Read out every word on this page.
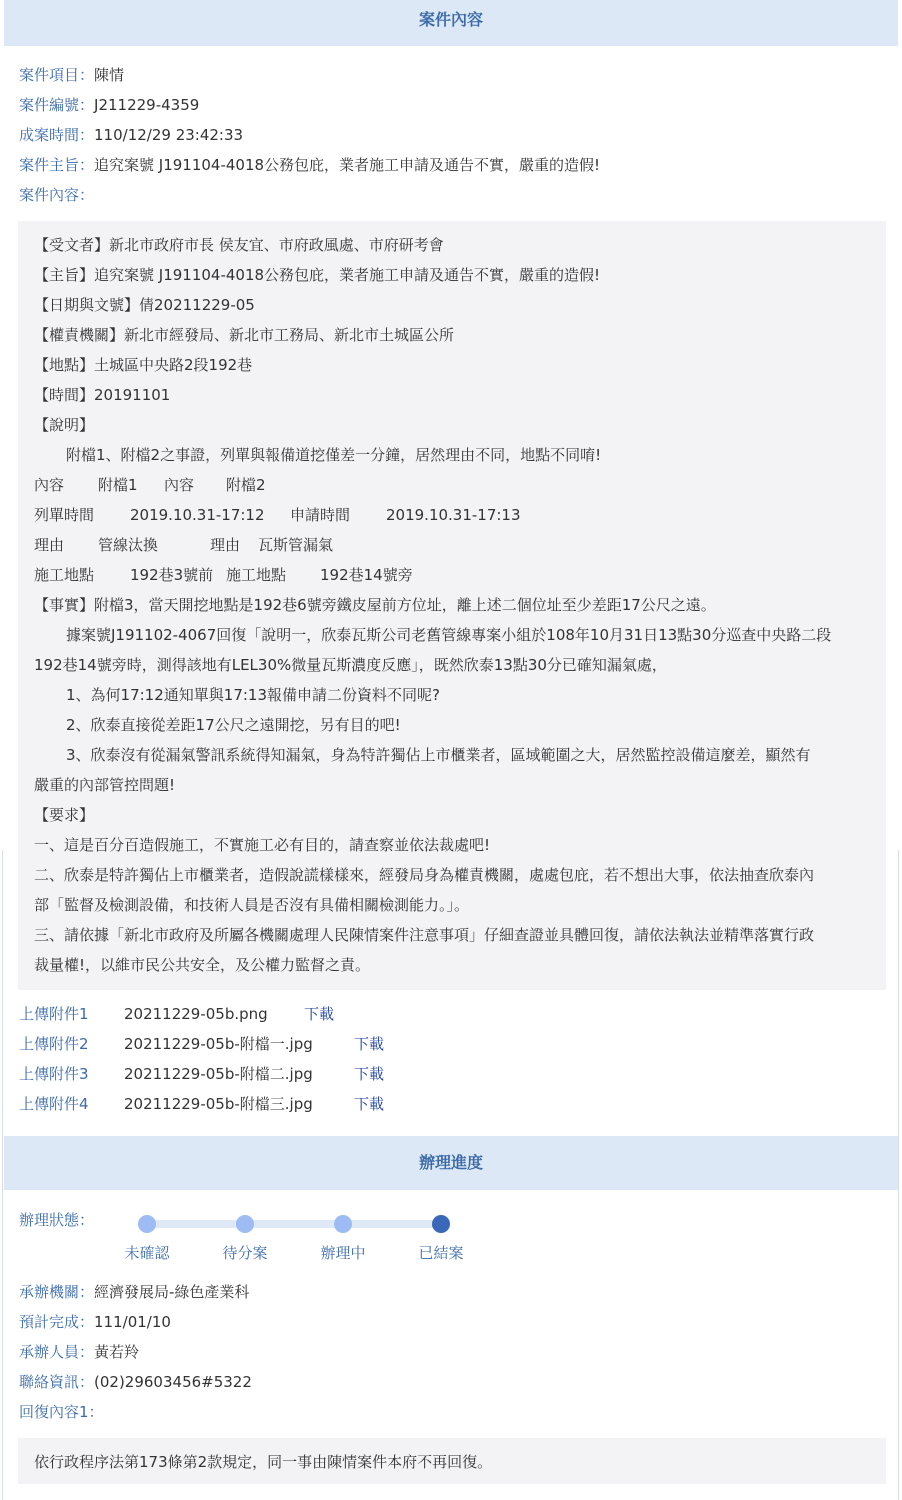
案件內容
案件項目：陳情
案件編號：J211229-4359
成案時間：110/12/29 23:42:33
案件主旨：追究案號 J191104-4018公務包庇，業者施工申請及通告不實，嚴重的造假!
案件內容：
【受文者】新北市政府市長 侯友宜、市府政風處、市府研考會
【主旨】追究案號 J191104-4018公務包庇，業者施工申請及通告不實，嚴重的造假!
【日期與文號】倩20211229-05
【權責機關】新北市經發局、新北市工務局、新北市土城區公所
【地點】土城區中央路2段192巷
【時間】20191101
【說明】
附檔1、附檔2之事證，列單與報備道挖僅差一分鐘，居然理由不同，地點不同唷!
內容 附檔1 內容 附檔2
列單時間 2019.10.31-17:12 申請時間 2019.10.31-17:13
理由 管線汰換	理由 瓦斯管漏氣
施工地點 192巷3號前 施工地點 192巷14號旁
【事實】附檔3，當天開挖地點是192巷6號旁鐵皮屋前方位址，離上述二個位址至少差距17公尺之遠。
據案號J191102-4067回復「說明一，欣泰瓦斯公司老舊管線專案小組於108年10月31日13點30分巡查中央路二段
192巷14號旁時，測得該地有LEL30%微量瓦斯濃度反應」，既然欣泰13點30分已確知漏氣處，
1、為何17:12通知單與17:13報備申請二份資料不同呢?
2、欣泰直接從差距17公尺之遠開挖，另有目的吧!
3、欣泰沒有從漏氣警訊系統得知漏氣，身為特許獨佔上市櫃業者，區域範圍之大，居然監控設備這麼差，顯然有
嚴重的內部管控問題!
【要求】
一、這是百分百造假施工，不實施工必有目的，請查察並依法裁處吧!
二、欣泰是特許獨佔上市櫃業者，造假說謊樣樣來，經發局身為權責機關，處處包庇，若不想出大事，依法抽查欣泰內
部「監督及檢測設備，和技術人員是否沒有具備相關檢測能力。」。
三、請依據「新北市政府及所屬各機關處理人民陳情案件注意事項」仔細查證並具體回復，請依法執法並精準落實行政
裁量權!，以維市民公共安全，及公權力監督之責。
上傳附件1 20211229-05b.png 下載
上傳附件2 20211229-05b-附檔一.jpg	下載
上傳附件3 20211229-05b-附檔二.jpg	下載
上傳附件4 20211229-05b-附檔三.jpg	下載
辦理進度
辦理狀態：
未確認	待分案	辦理中	已結案
承辦機關：經濟發展局-綠色產業科
預計完成：111/01/10
承辦人員：黃若羚
聯絡資訊：(02)29603456#5322
回復內容1：
依行政程序法第173條第2款規定，同一事由陳情案件本府不再回復。
